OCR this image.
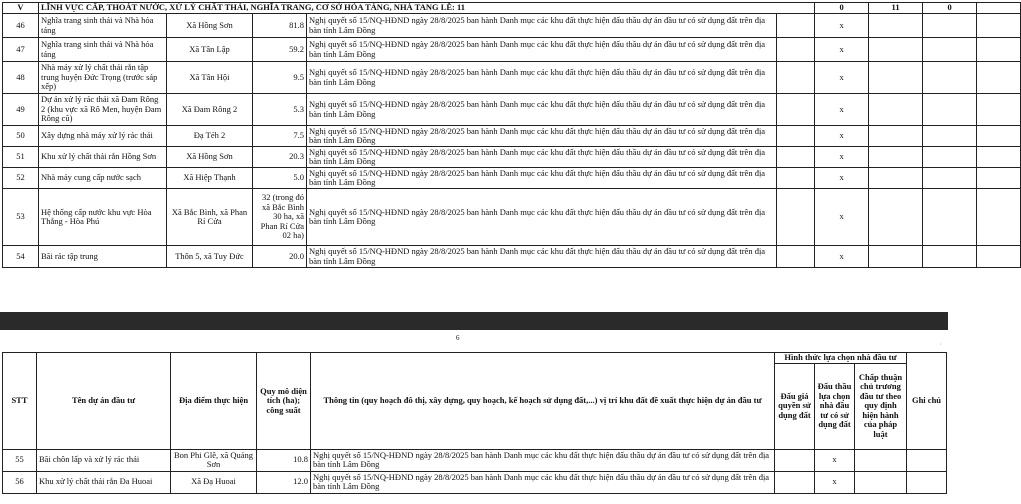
V	LĨNH VỰC CẤP, THOÁT NƯỚC, XỬ LÝ CHẤT THẢI, NGHĨA TRANG, CƠ SỞ HỎA TÁNG, NHÀ TANG LỄ: 11					0	11	0	
46	Nghĩa trang sinh thái và Nhà hỏa táng	Xã Hồng Sơn	81.8	Nghị quyết số 15/NQ-HĐND ngày 28/8/2025 ban hành Danh mục các khu đất thực hiện đấu thầu dự án đầu tư có sử dụng đất trên địa bàn tỉnh Lâm Đồng		x			
47	Nghĩa trang sinh thái và Nhà hỏa táng	Xã Tân Lập	59.2	Nghị quyết số 15/NQ-HĐND ngày 28/8/2025 ban hành Danh mục các khu đất thực hiện đấu thầu dự án đầu tư có sử dụng đất trên địa bàn tỉnh Lâm Đồng		x			
48	Nhà máy xử lý chất thải rắn tập trung huyện Đức Trọng (trước sáp xếp)	Xã Tân Hội	9.5	Nghị quyết số 15/NQ-HĐND ngày 28/8/2025 ban hành Danh mục các khu đất thực hiện đấu thầu dự án đầu tư có sử dụng đất trên địa bàn tỉnh Lâm Đồng		x			
49	Dự án xử lý rác thải xã Đam Rông 2 (khu vực xã Rô Men, huyện Đam Rông cũ)	Xã Đam Rông 2	5.3	Nghị quyết số 15/NQ-HĐND ngày 28/8/2025 ban hành Danh mục các khu đất thực hiện đấu thầu dự án đầu tư có sử dụng đất trên địa bàn tỉnh Lâm Đồng		x			
50	Xây dựng nhà máy xử lý rác thải	Đạ Tẻh 2	7.5	Nghị quyết số 15/NQ-HĐND ngày 28/8/2025 ban hành Danh mục các khu đất thực hiện đấu thầu dự án đầu tư có sử dụng đất trên địa bàn tỉnh Lâm Đồng		x			
51	Khu xử lý chất thải rắn Hồng Sơn	Xã Hồng Sơn	20.3	Nghị quyết số 15/NQ-HĐND ngày 28/8/2025 ban hành Danh mục các khu đất thực hiện đấu thầu dự án đầu tư có sử dụng đất trên địa bàn tỉnh Lâm Đồng		x			
52	Nhà máy cung cấp nước sạch	Xã Hiệp Thạnh	5.0	Nghị quyết số 15/NQ-HĐND ngày 28/8/2025 ban hành Danh mục các khu đất thực hiện đấu thầu dự án đầu tư có sử dụng đất trên địa bàn tỉnh Lâm Đồng		x			
53	Hệ thống cấp nước khu vực Hòa Thắng - Hòa Phú	Xã Bắc Bình, xã Phan Rí Cửa	32 (trong đó xã Bắc Bình 30 ha, xã Phan Rí Cửa 02 ha)	Nghị quyết số 15/NQ-HĐND ngày 28/8/2025 ban hành Danh mục các khu đất thực hiện đấu thầu dự án đầu tư có sử dụng đất trên địa bàn tỉnh Lâm Đồng		x			
54	Bãi rác tập trung	Thôn 5, xã Tuy Đức	20.0	Nghị quyết số 15/NQ-HĐND ngày 28/8/2025 ban hành Danh mục các khu đất thực hiện đấu thầu dự án đầu tư có sử dụng đất trên địa bàn tỉnh Lâm Đồng		x			
6
·
STT	Tên dự án đầu tư	Địa điểm thực hiện	Quy mô diện tích (ha); công suất	Thông tin (quy hoạch đô thị, xây dựng, quy hoạch, kế hoạch sử dụng đất,...) vị trí khu đất đề xuất thực hiện dự án đầu tư	Hình thức lựa chọn nhà đầu tư			Ghi chú
					Đấu giá quyền sử dụng đất	Đấu thầu lựa chọn nhà đầu tư có sử dụng đất	Chấp thuận chủ trương đầu tư theo quy định hiện hành của pháp luật	
55	Bãi chôn lấp và xử lý rác thải	Bon Phi Glê, xã Quảng Sơn	10.8	Nghị quyết số 15/NQ-HĐND ngày 28/8/2025 ban hành Danh mục các khu đất thực hiện đấu thầu dự án đầu tư có sử dụng đất trên địa bàn tỉnh Lâm Đồng		x		
56	Khu xử lý chất thải rắn Đa Huoai	Xã Đạ Huoai	12.0	Nghị quyết số 15/NQ-HĐND ngày 28/8/2025 ban hành Danh mục các khu đất thực hiện đấu thầu dự án đầu tư có sử dụng đất trên địa bàn tỉnh Lâm Đồng		x		
